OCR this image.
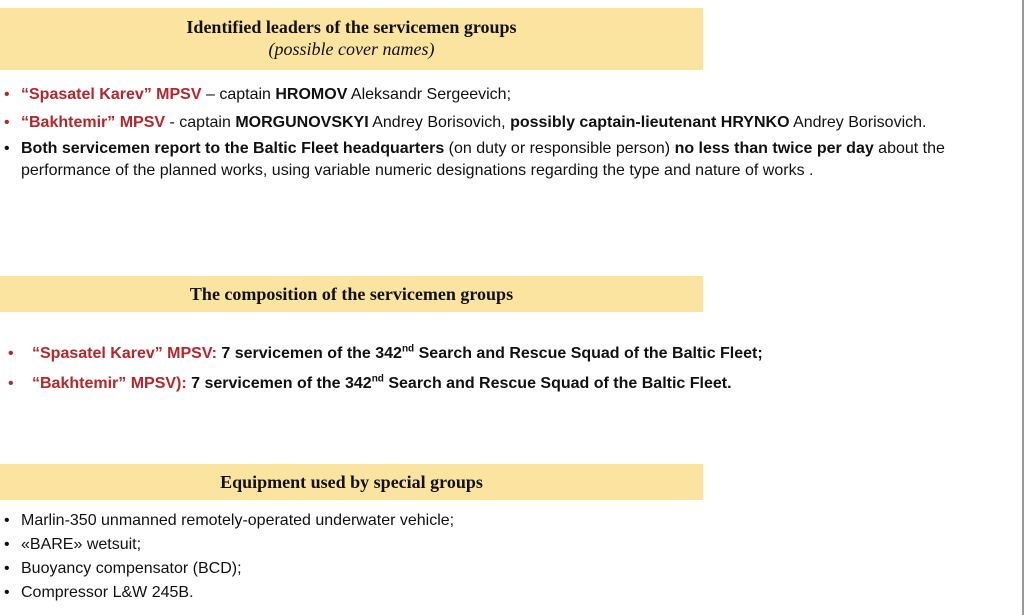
Identified leaders of the servicemen groups
(possible cover names)
• “Spasatel Karev” MPSV – captain HROMOV Aleksandr Sergeevich;
• “Bakhtemir” MPSV - captain MORGUNOVSKYI Andrey Borisovich, possibly captain-lieutenant HRYNKO Andrey Borisovich.
• Both servicemen report to the Baltic Fleet headquarters (on duty or responsible person) no less than twice per day about the performance of the planned works, using variable numeric designations regarding the type and nature of works .
The composition of the servicemen groups
• “Spasatel Karev” MPSV: 7 servicemen of the 342nd Search and Rescue Squad of the Baltic Fleet;
• “Bakhtemir” MPSV): 7 servicemen of the 342nd Search and Rescue Squad of the Baltic Fleet.
Equipment used by special groups
• Marlin-350 unmanned remotely-operated underwater vehicle;
• «BARE» wetsuit;
• Buoyancy compensator (BCD);
• Compressor L&W 245B.
